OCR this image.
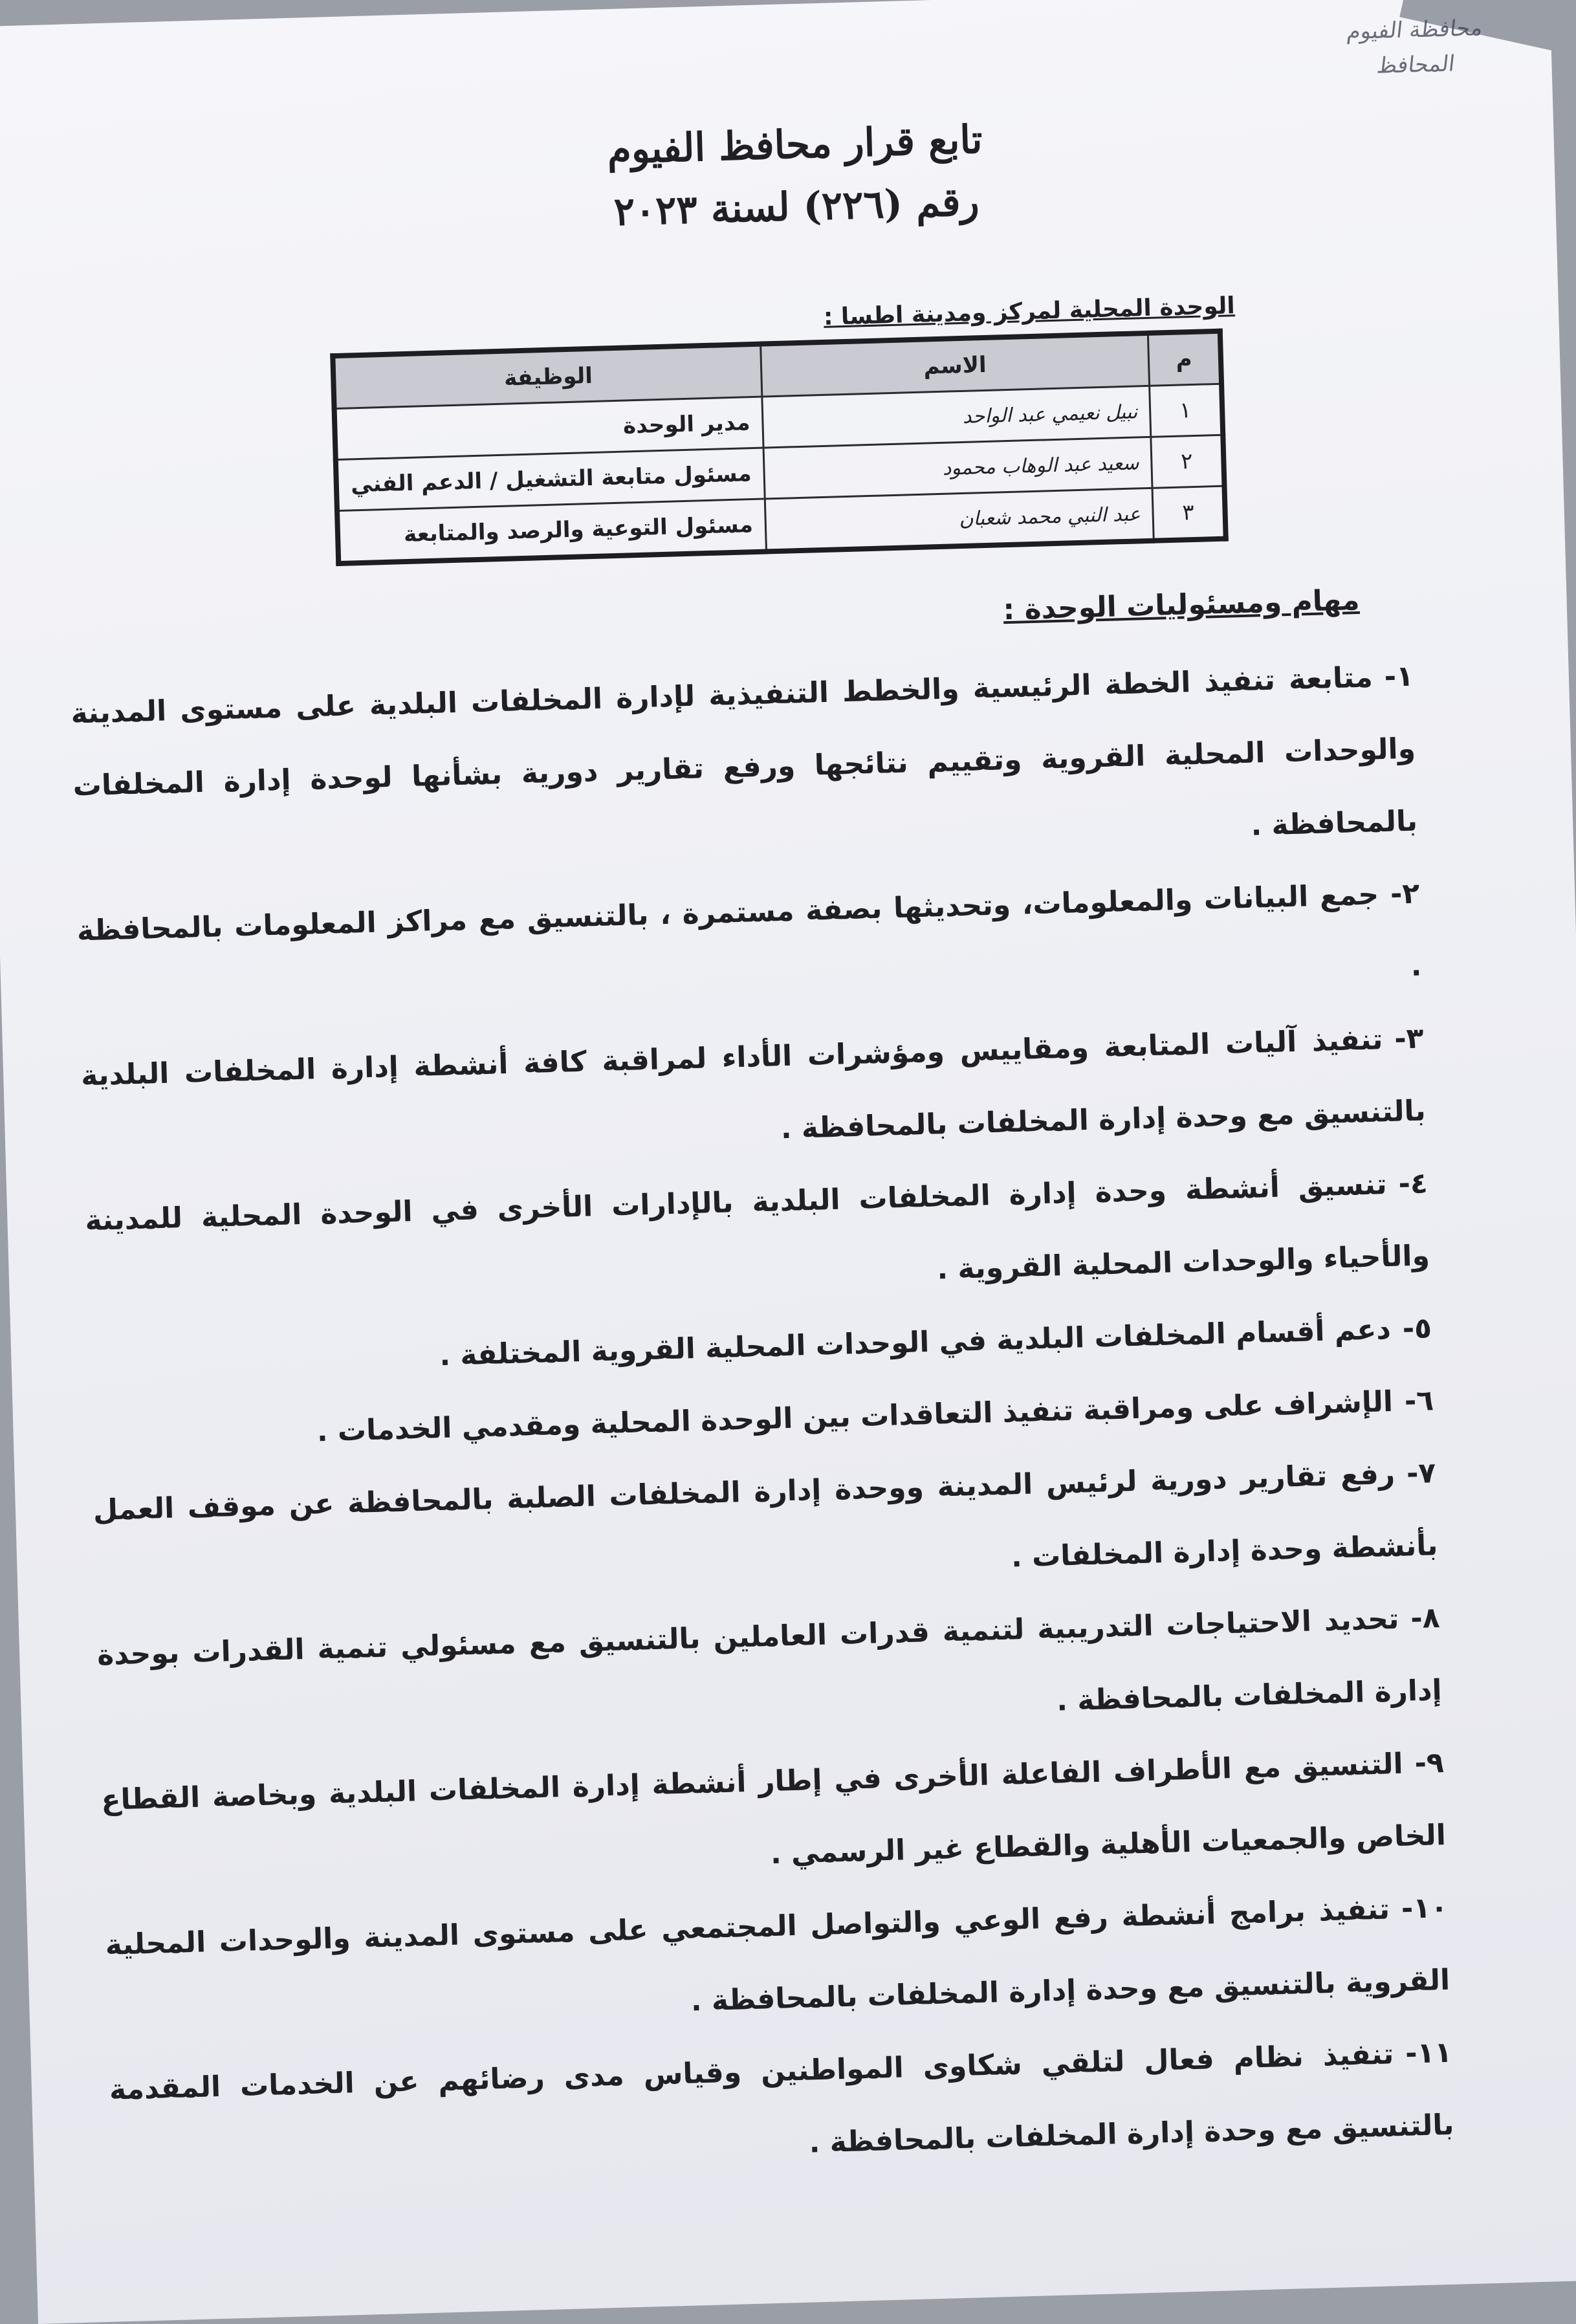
محافظة الفيوم
المحافظ
تابع قرار محافظ الفيوم
رقم (٢٢٦) لسنة ٢٠٢٣
الوحدة المحلية لمركز ومدينة اطسا :
م	الاسم	الوظيفة
١	نبيل نعيمي عبد الواحد	مدير الوحدة
٢	سعيد عبد الوهاب محمود	مسئول متابعة التشغيل / الدعم الفني
٣	عبد النبي محمد شعبان	مسئول التوعية والرصد والمتابعة
مهام ومسئوليات الوحدة :
١-متابعة تنفيذ الخطة الرئيسية والخطط التنفيذية لإدارة المخلفات البلدية على مستوى المدينة والوحدات المحلية القروية وتقييم نتائجها ورفع تقارير دورية بشأنها لوحدة إدارة المخلفات بالمحافظة .
٢-جمع البيانات والمعلومات، وتحديثها بصفة مستمرة ، بالتنسيق مع مراكز المعلومات بالمحافظة .
٣-تنفيذ آليات المتابعة ومقاييس ومؤشرات الأداء لمراقبة كافة أنشطة إدارة المخلفات البلدية بالتنسيق مع وحدة إدارة المخلفات بالمحافظة .
٤-تنسيق أنشطة وحدة إدارة المخلفات البلدية بالإدارات الأخرى في الوحدة المحلية للمدينة والأحياء والوحدات المحلية القروية .
٥-دعم أقسام المخلفات البلدية في الوحدات المحلية القروية المختلفة .
٦-الإشراف على ومراقبة تنفيذ التعاقدات بين الوحدة المحلية ومقدمي الخدمات .
٧-رفع تقارير دورية لرئيس المدينة ووحدة إدارة المخلفات الصلبة بالمحافظة عن موقف العمل بأنشطة وحدة إدارة المخلفات .
٨-تحديد الاحتياجات التدريبية لتنمية قدرات العاملين بالتنسيق مع مسئولي تنمية القدرات بوحدة إدارة المخلفات بالمحافظة .
٩-التنسيق مع الأطراف الفاعلة الأخرى في إطار أنشطة إدارة المخلفات البلدية وبخاصة القطاع الخاص والجمعيات الأهلية والقطاع غير الرسمي .
١٠-تنفيذ برامج أنشطة رفع الوعي والتواصل المجتمعي على مستوى المدينة والوحدات المحلية القروية بالتنسيق مع وحدة إدارة المخلفات بالمحافظة .
١١-تنفيذ نظام فعال لتلقي شكاوى المواطنين وقياس مدى رضائهم عن الخدمات المقدمة بالتنسيق مع وحدة إدارة المخلفات بالمحافظة .
